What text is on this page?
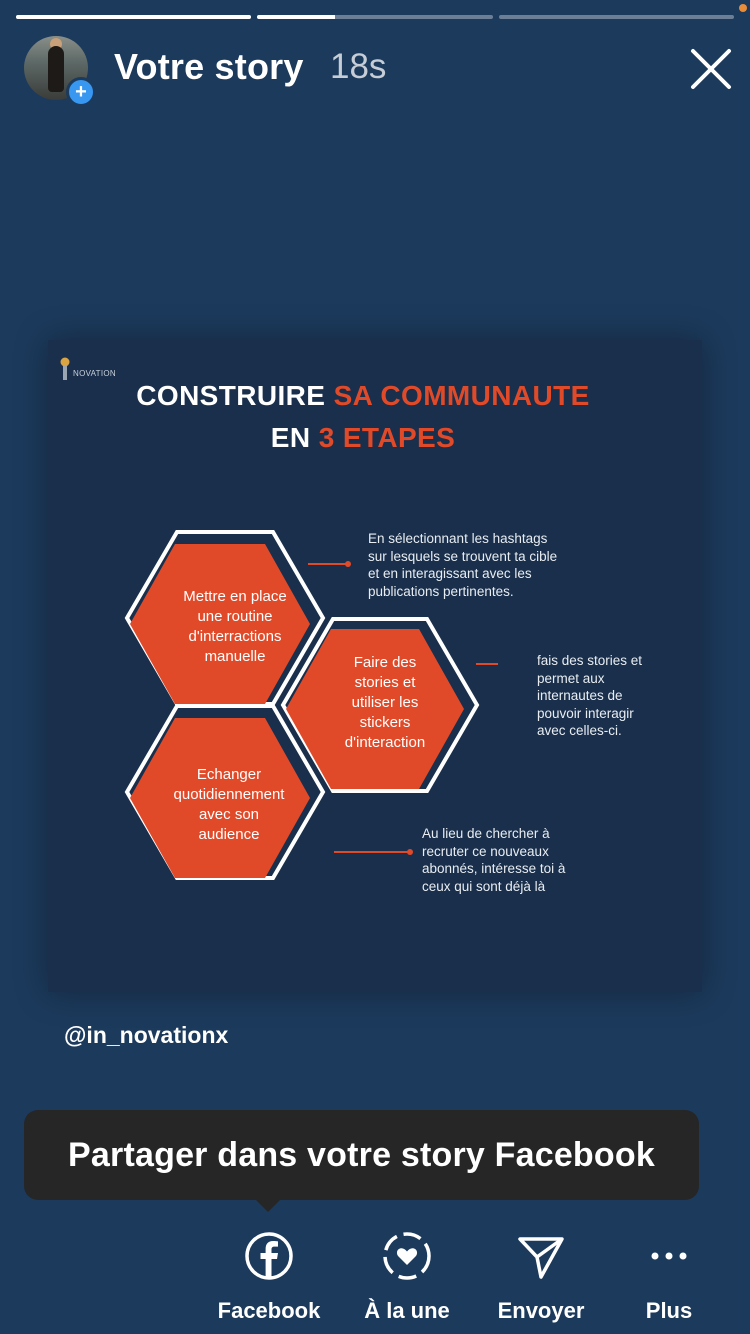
+
Votre story 18s
NOVATION
CONSTRUIRE SA COMMUNAUTE
EN 3 ETAPES
Mettre en place
une routine
d'interractions
manuelle	Faire des
stories et
utiliser les
stickers
d'interaction
Echanger
quotidiennement
avec son
audience
En sélectionnant les hashtags
sur lesquels se trouvent ta cible
et en interagissant avec les
publications pertinentes.
fais des stories et
permet aux
internautes de
pouvoir interagir
avec celles-ci.
Au lieu de chercher à
recruter ce nouveaux
abonnés, intéresse toi à
ceux qui sont déjà là
@in_novationx
Partager dans votre story Facebook
Facebook À la une Envoyer	Plus
